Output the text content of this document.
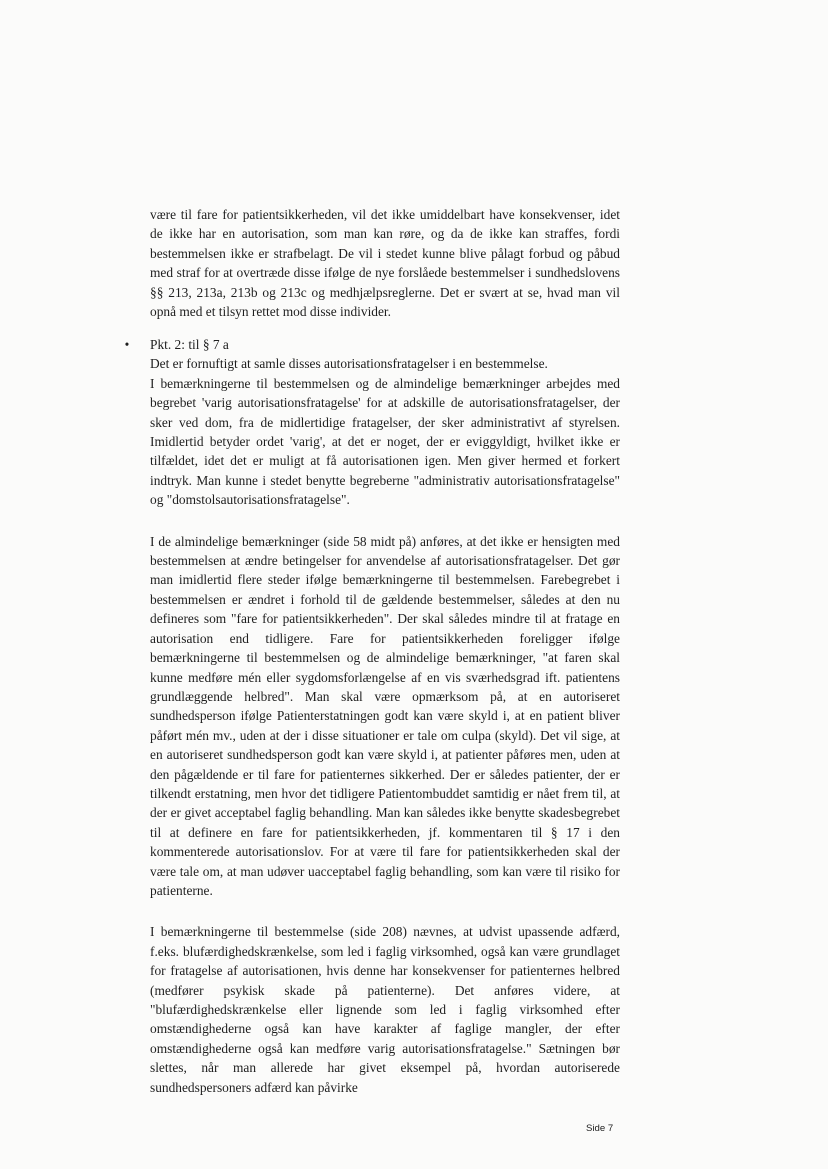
være til fare for patientsikkerheden, vil det ikke umiddelbart have konsekvenser, idet de ikke har en autorisation, som man kan røre, og da de ikke kan straffes, fordi bestemmelsen ikke er strafbelagt. De vil i stedet kunne blive pålagt forbud og påbud med straf for at overtræde disse ifølge de nye forslåede bestemmelser i sundhedslovens §§ 213, 213a, 213b og 213c og medhjælpsreglerne. Det er svært at se, hvad man vil opnå med et tilsyn rettet mod disse individer.

• Pkt. 2: til § 7 a

Det er fornuftigt at samle disses autorisationsfratagelser i en bestemmelse.

I bemærkningerne til bestemmelsen og de almindelige bemærkninger arbejdes med begrebet 'varig autorisationsfratagelse' for at adskille de autorisationsfratagelser, der sker ved dom, fra de midlertidige fratagelser, der sker administrativt af styrelsen. Imidlertid betyder ordet 'varig', at det er noget, der er eviggyldigt, hvilket ikke er tilfældet, idet det er muligt at få autorisationen igen. Men giver hermed et forkert indtryk. Man kunne i stedet benytte begreberne "administrativ autorisationsfratagelse" og "domstolsautorisationsfratagelse".

I de almindelige bemærkninger (side 58 midt på) anføres, at det ikke er hensigten med bestemmelsen at ændre betingelser for anvendelse af autorisationsfratagelser. Det gør man imidlertid flere steder ifølge bemærkningerne til bestemmelsen. Farebegrebet i bestemmelsen er ændret i forhold til de gældende bestemmelser, således at den nu defineres som "fare for patientsikkerheden". Der skal således mindre til at fratage en autorisation end tidligere. Fare for patientsikkerheden foreligger ifølge bemærkningerne til bestemmelsen og de almindelige bemærkninger, "at faren skal kunne medføre mén eller sygdomsforlængelse af en vis sværhedsgrad ift. patientens grundlæggende helbred". Man skal være opmærksom på, at en autoriseret sundhedsperson ifølge Patienterstatningen godt kan være skyld i, at en patient bliver påført mén mv., uden at der i disse situationer er tale om culpa (skyld). Det vil sige, at en autoriseret sundhedsperson godt kan være skyld i, at patienter påføres men, uden at den pågældende er til fare for patienternes sikkerhed. Der er således patienter, der er tilkendt erstatning, men hvor det tidligere Patientombuddet samtidig er nået frem til, at der er givet acceptabel faglig behandling. Man kan således ikke benytte skadesbegrebet til at definere en fare for patientsikkerheden, jf. kommentaren til § 17 i den kommenterede autorisationslov. For at være til fare for patientsikkerheden skal der være tale om, at man udøver uacceptabel faglig behandling, som kan være til risiko for patienterne.

I bemærkningerne til bestemmelse (side 208) nævnes, at udvist upassende adfærd, f.eks. blufærdighedskrænkelse, som led i faglig virksomhed, også kan være grundlaget for fratagelse af autorisationen, hvis denne har konsekvenser for patienternes helbred (medfører psykisk skade på patienterne). Det anføres videre, at "blufærdighedskrænkelse eller lignende som led i faglig virksomhed efter omstændighederne også kan have karakter af faglige mangler, der efter omstændighederne også kan medføre varig autorisationsfratagelse." Sætningen bør slettes, når man allerede har givet eksempel på, hvordan autoriserede sundhedspersoners adfærd kan påvirke

Side 7
